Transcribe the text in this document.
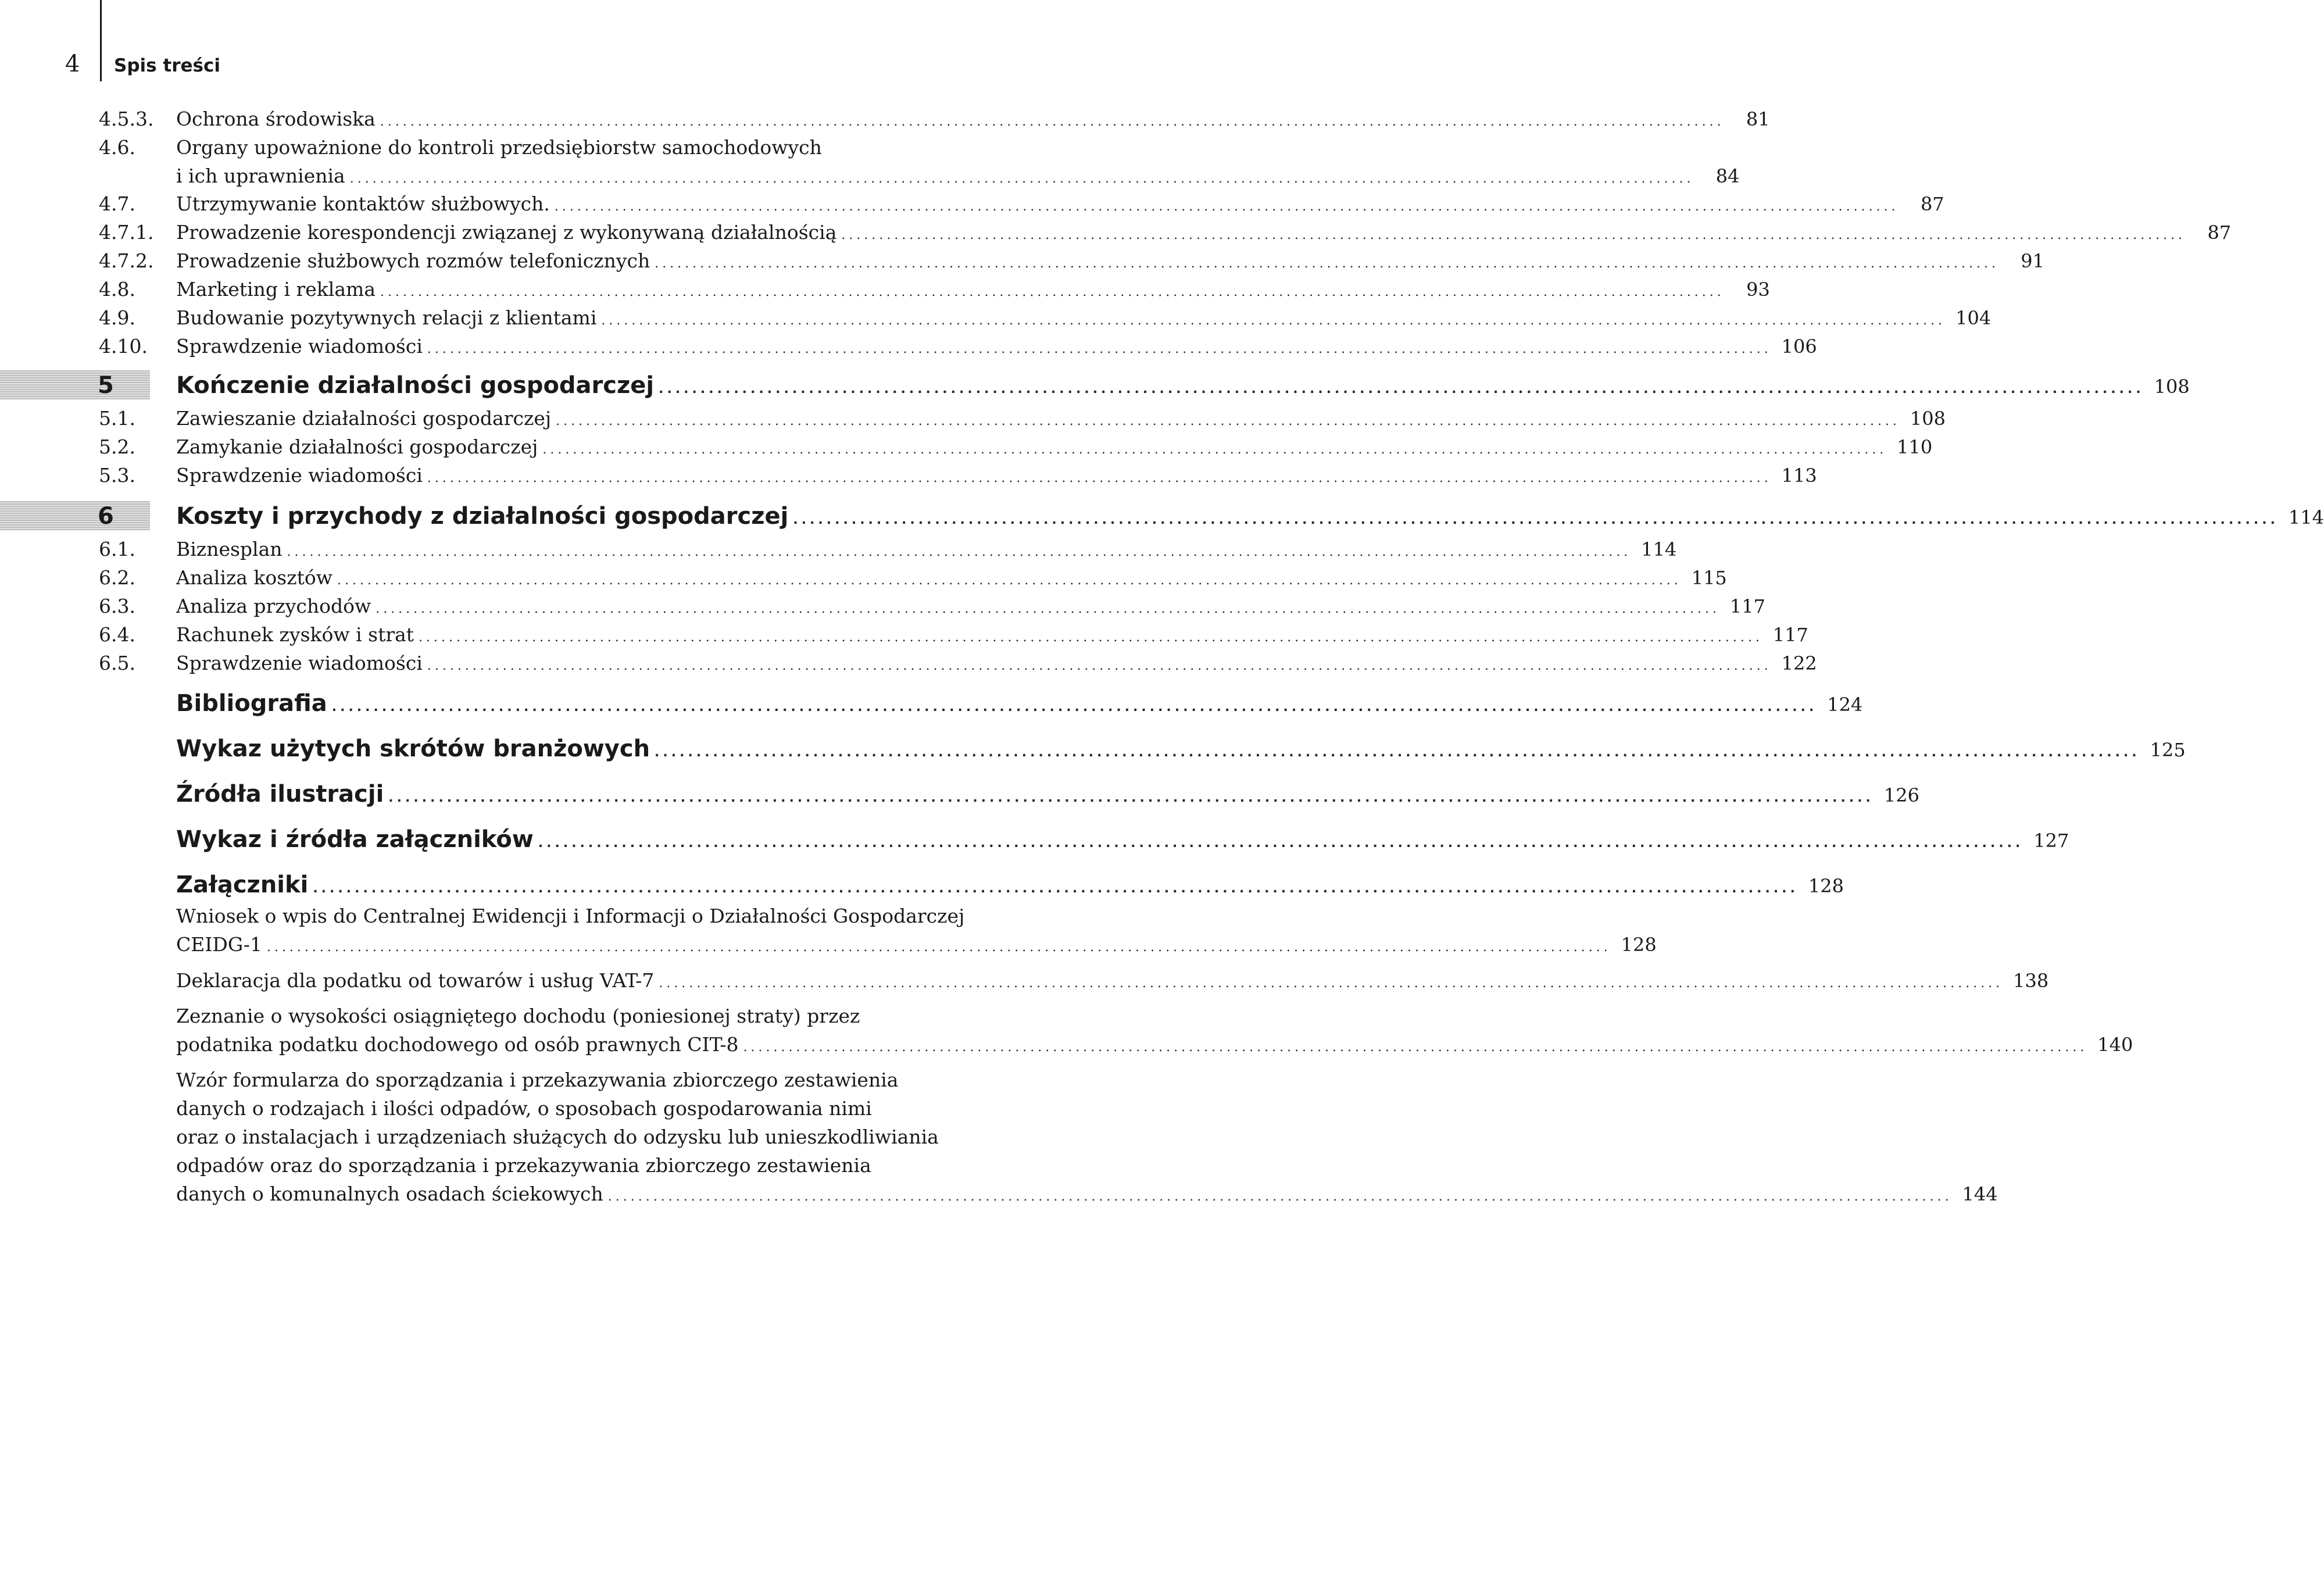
4 Spis treści
4.5.3. Ochrona środowiska ..................................................................................................................................................................................	81
4.6. Organy upoważnione do kontroli przedsiębiorstw samochodowych
i ich uprawnienia ..................................................................................................................................................................................	84
4.7. Utrzymywanie kontaktów służbowych. ..................................................................................................................................................................................	87
4.7.1. Prowadzenie korespondencji związanej z wykonywaną działalnością ..................................................................................................................................................................................	87
4.7.2. Prowadzenie służbowych rozmów telefonicznych ..................................................................................................................................................................................	91
4.8. Marketing i reklama ..................................................................................................................................................................................	93
4.9. Budowanie pozytywnych relacji z klientami .................................................................................................................................................................................. 104
4.10. Sprawdzenie wiadomości .................................................................................................................................................................................. 106
5	Kończenie działalności gospodarczej .................................................................................................................................................................................. 108
5.1. Zawieszanie działalności gospodarczej .................................................................................................................................................................................. 108
5.2. Zamykanie działalności gospodarczej .................................................................................................................................................................................. 110
5.3. Sprawdzenie wiadomości .................................................................................................................................................................................. 113
6	Koszty i przychody z działalności gospodarczej .................................................................................................................................................................................. 114
6.1. Biznesplan .................................................................................................................................................................................. 114
6.2. Analiza kosztów .................................................................................................................................................................................. 115
6.3. Analiza przychodów .................................................................................................................................................................................. 117
6.4. Rachunek zysków i strat .................................................................................................................................................................................. 117
6.5. Sprawdzenie wiadomości .................................................................................................................................................................................. 122
Bibliografia .................................................................................................................................................................................. 124
Wykaz użytych skrótów branżowych .................................................................................................................................................................................. 125
Źródła ilustracji .................................................................................................................................................................................. 126
Wykaz i źródła załączników .................................................................................................................................................................................. 127
Załączniki .................................................................................................................................................................................. 128
Wniosek o wpis do Centralnej Ewidencji i Informacji o Działalności Gospodarczej
CEIDG-1 .................................................................................................................................................................................. 128
Deklaracja dla podatku od towarów i usług VAT-7 .................................................................................................................................................................................. 138
Zeznanie o wysokości osiągniętego dochodu (poniesionej straty) przez
podatnika podatku dochodowego od osób prawnych CIT-8 .................................................................................................................................................................................. 140
Wzór formularza do sporządzania i przekazywania zbiorczego zestawienia
danych o rodzajach i ilości odpadów, o sposobach gospodarowania nimi
oraz o instalacjach i urządzeniach służących do odzysku lub unieszkodliwiania
odpadów oraz do sporządzania i przekazywania zbiorczego zestawienia
danych o komunalnych osadach ściekowych .................................................................................................................................................................................. 144
